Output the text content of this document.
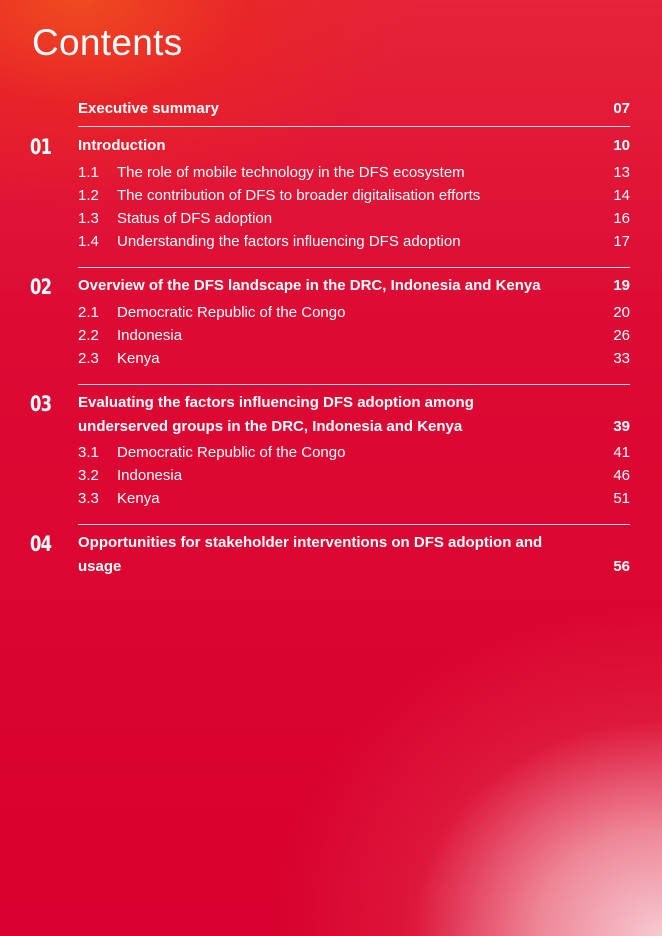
Contents
Executive summary	07
01 Introduction	10
1.1	The role of mobile technology in the DFS ecosystem	13
1.2	The contribution of DFS to broader digitalisation efforts	14
1.3	Status of DFS adoption	16
1.4	Understanding the factors influencing DFS adoption	17
02 Overview of the DFS landscape in the DRC, Indonesia and Kenya	19
2.1	Democratic Republic of the Congo	20
2.2	Indonesia	26
2.3	Kenya	33
03 Evaluating the factors influencing DFS adoption among underserved groups in the DRC, Indonesia and Kenya	39
3.1	Democratic Republic of the Congo	41
3.2	Indonesia	46
3.3	Kenya	51
04 Opportunities for stakeholder interventions on DFS adoption and usage	56
